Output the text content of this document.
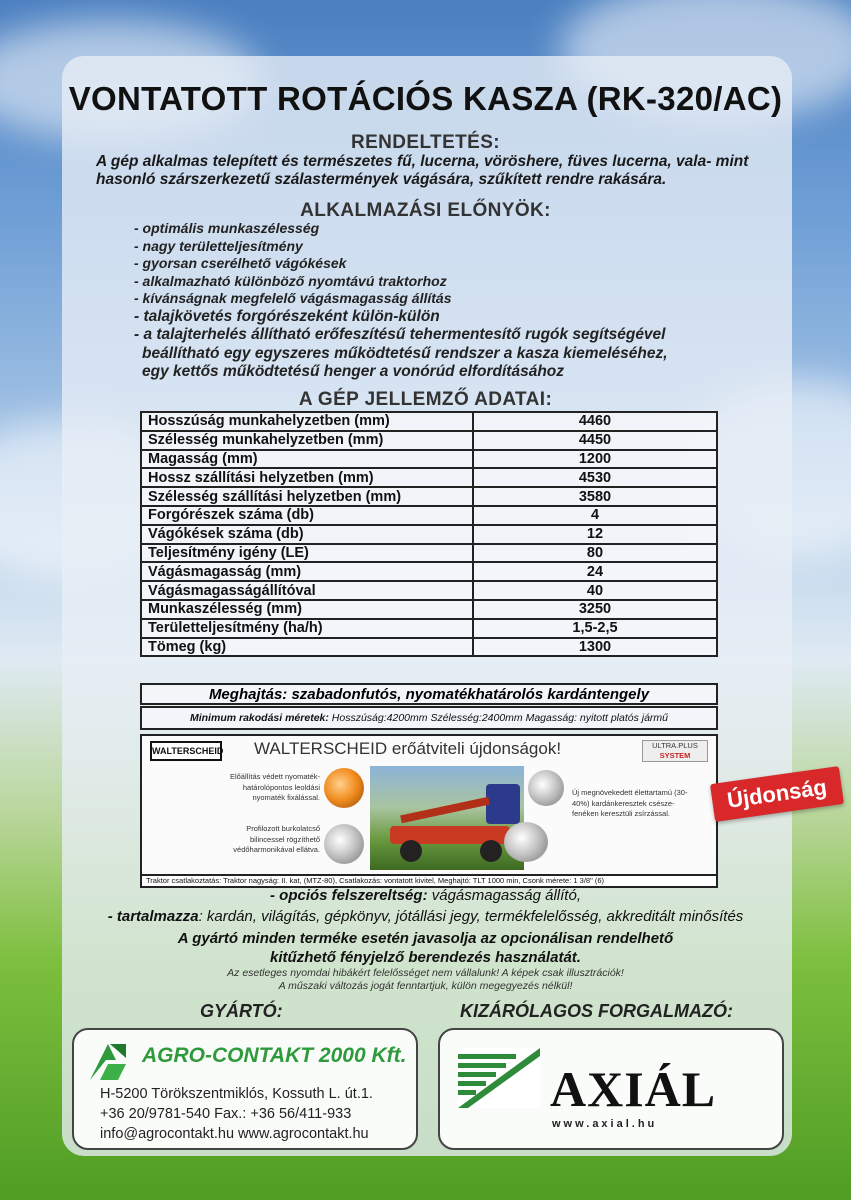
VONTATOTT ROTÁCIÓS KASZA (RK-320/AC)
RENDELTETÉS:
A gép alkalmas telepített és természetes fű, lucerna, vöröshere, füves lucerna, vala- mint hasonló szárszerkezetű szálastermények vágására, szűkített rendre rakására.
ALKALMAZÁSI ELŐNYÖK:
- optimális munkaszélesség
- nagy területteljesítmény
- gyorsan cserélhető vágókések
- alkalmazható különböző nyomtávú traktorhoz
- kívánságnak megfelelő vágásmagasság állítás
- talajkövetés forgórészeként külön-külön
- a talajterhelés állítható erőfeszítésű tehermentesítő rugók segítségével
beállítható egy egyszeres működtetésű rendszer a kasza kiemeléséhez,
egy kettős működtetésű henger a vonórúd elfordításához
A GÉP JELLEMZŐ ADATAI:
Hosszúság munkahelyzetben (mm)	4460
Szélesség munkahelyzetben (mm)	4450
Magasság (mm)	1200
Hossz szállítási helyzetben (mm)	4530
Szélesség szállítási helyzetben (mm)	3580
Forgórészek száma (db)	4
Vágókések száma (db)	12
Teljesítmény igény (LE)	80
Vágásmagasság (mm)	24
Vágásmagasságállítóval	40
Munkaszélesség (mm)	3250
Területteljesítmény (ha/h)	1,5-2,5
Tömeg (kg)	1300
Meghajtás: szabadonfutós, nyomatékhatárolós kardántengely
Minimum rakodási méretek: Hosszúság:4200mm Szélesség:2400mm Magasság: nyitott platós jármű
WALTERSCHEID WALTERSCHEID erőátviteli újdonságok!	ULTRA.PLUS
SYSTEM
Előállítás védett nyomaték- határolópontos leoldási nyomaték fixálással.
Profilozott burkolatcső bilincessel rögzíthető védőharmonikával ellátva.
Új megnövekedett élettartamú (30-40%) kardánkeresztek csésze- fenéken keresztüli zsírzással.
Traktor csatlakoztatás: Traktor nagyság: II. kat, (MTZ-80), Csatlakozás: vontatott kivitel, Meghajtó: TLT 1000 min, Csonk mérete: 1 3/8" (6)
Újdonság
- opciós felszereltség: vágásmagasság állító,
- tartalmazza: kardán, világítás, gépkönyv, jótállási jegy, termékfelelősség, akkreditált minősítés
A gyártó minden terméke esetén javasolja az opcionálisan rendelhető
kitűzhető fényjelző berendezés használatát.
Az esetleges nyomdai hibákért felelősséget nem vállalunk! A képek csak illusztrációk!
A műszaki változás jogát fenntartjuk, külön megegyezés nélkül!
GYÁRTÓ:	KIZÁRÓLAGOS FORGALMAZÓ:
AGRO-CONTAKT 2000 Kft.
H-5200 Törökszentmiklós, Kossuth L. út.1.
+36 20/9781-540 Fax.: +36 56/411-933
info@agrocontakt.hu www.agrocontakt.hu
AXIÁL
www.axial.hu
